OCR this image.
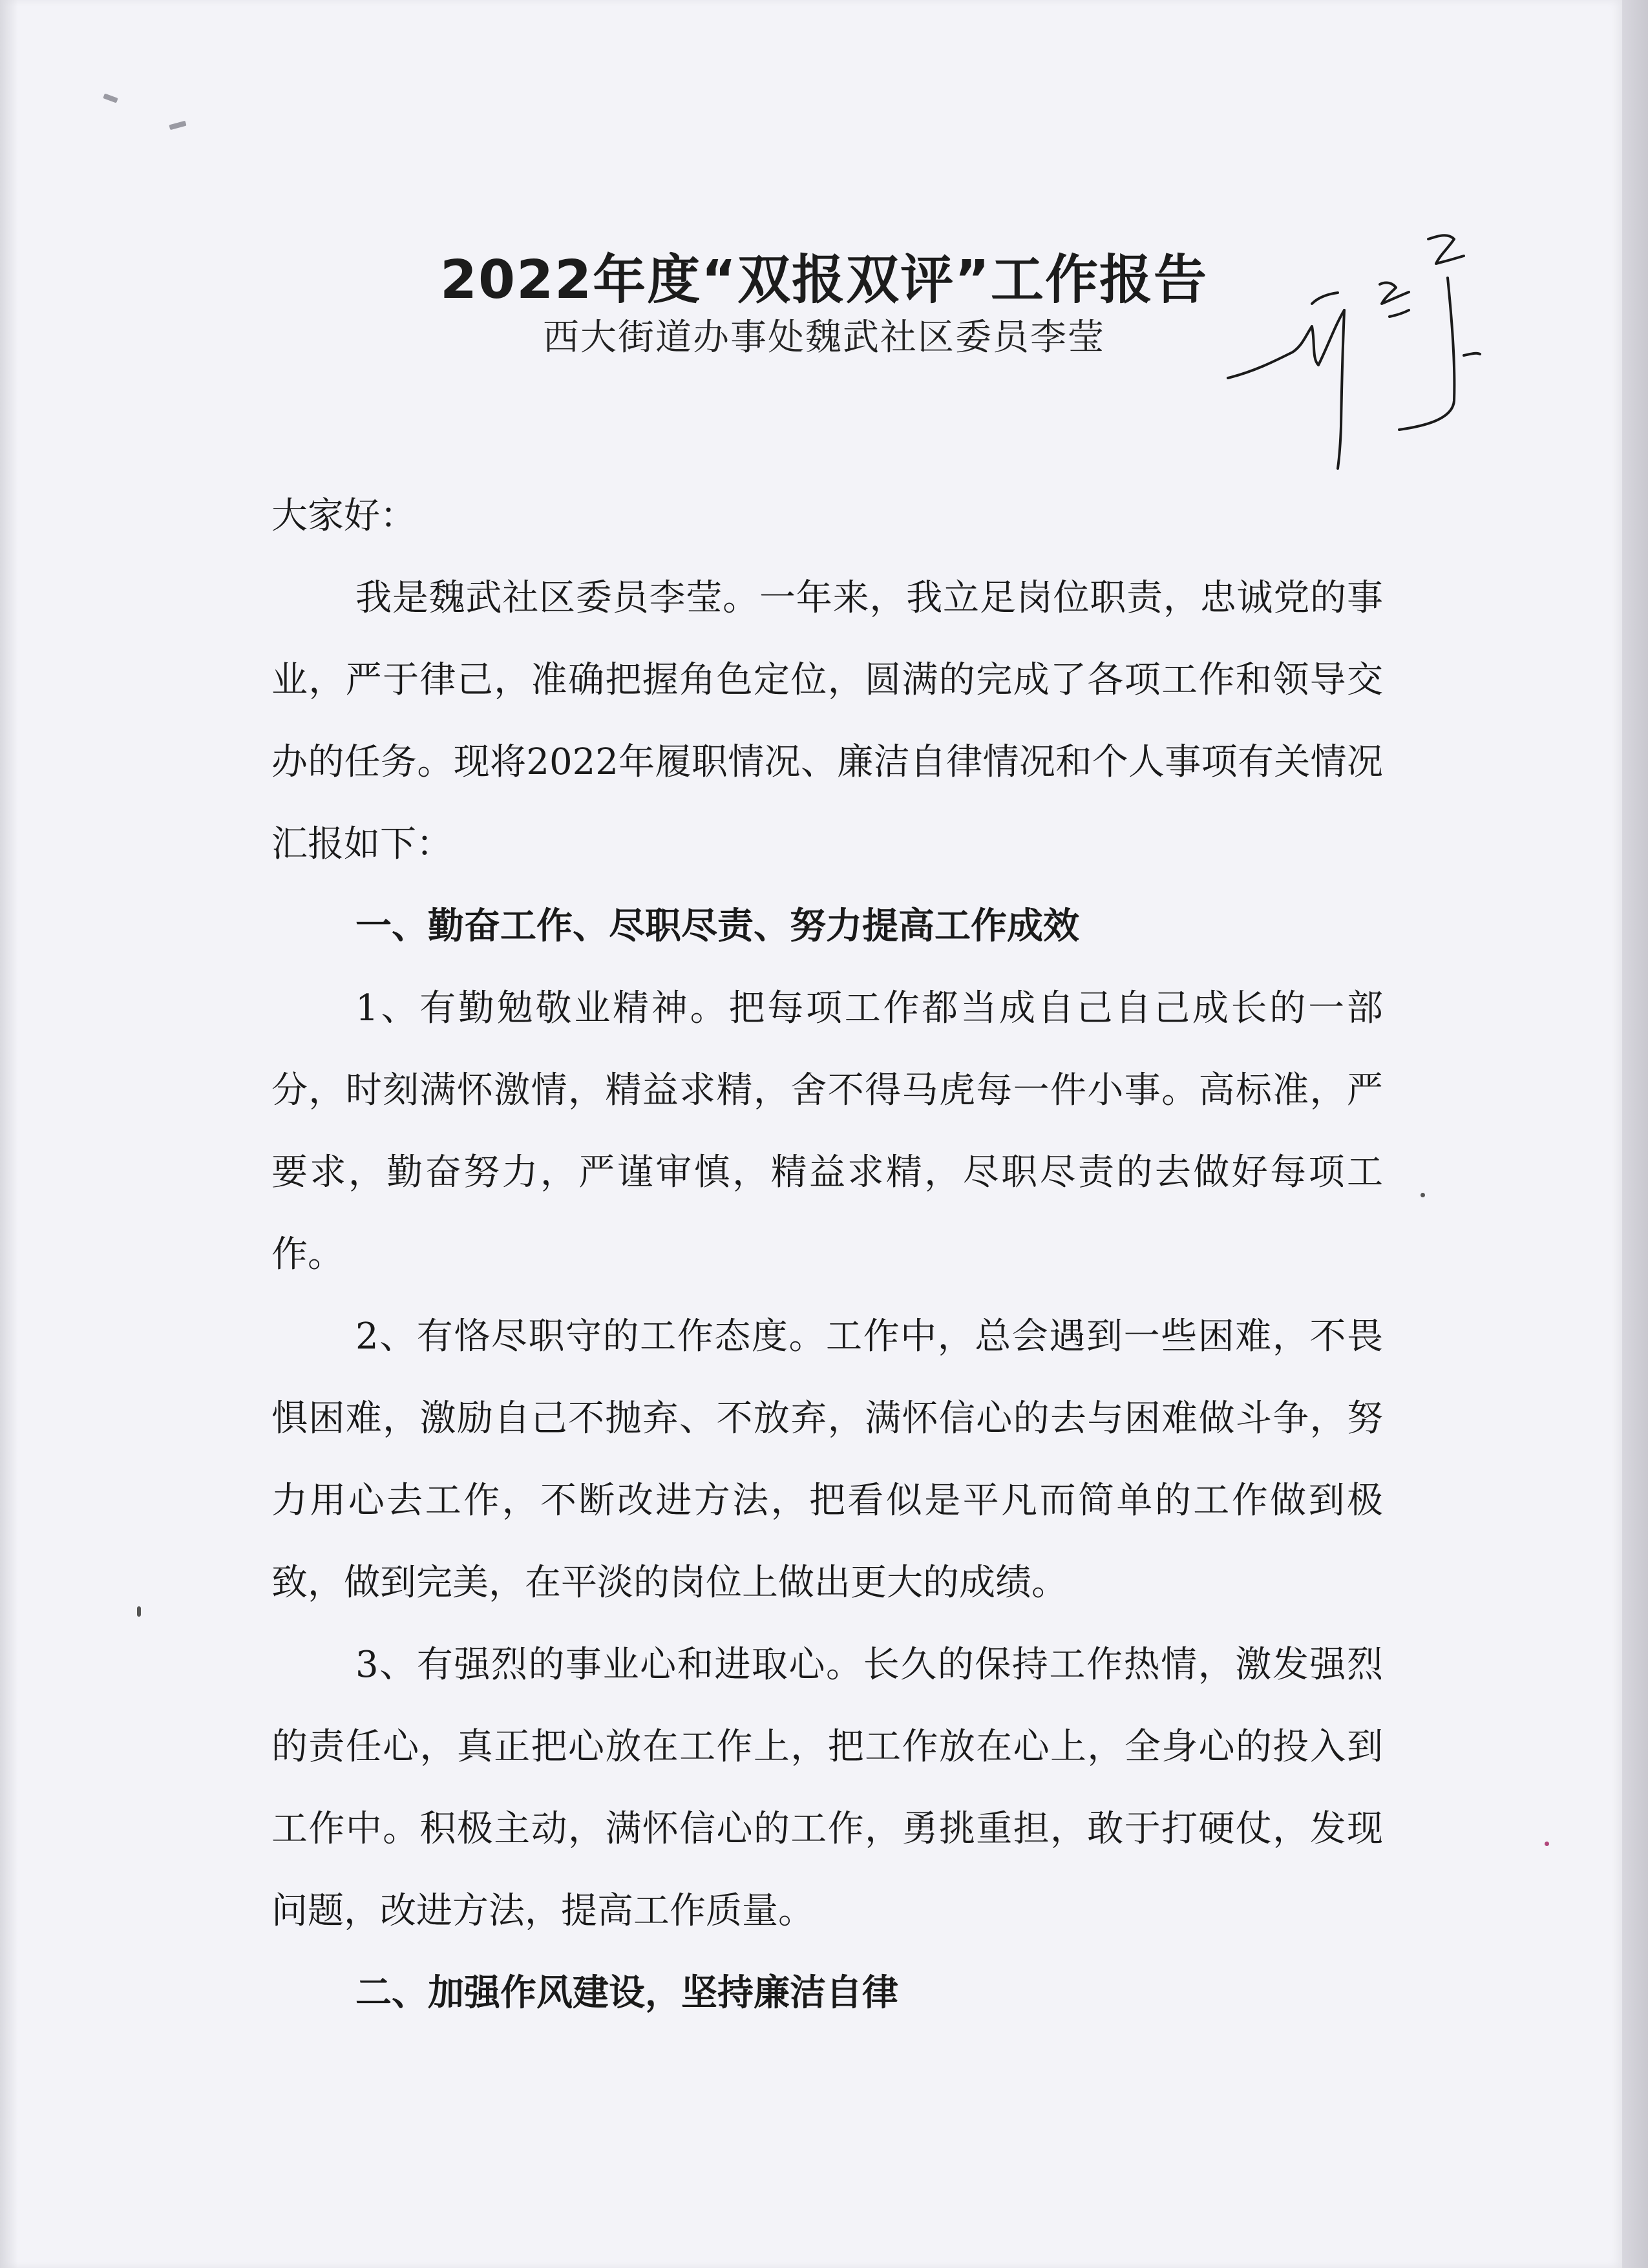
2022年度“双报双评”工作报告
西大街道办事处魏武社区委员李莹

大家好：

我是魏武社区委员李莹。一年来，我立足岗位职责，忠诚党的事业，严于律己，准确把握角色定位，圆满的完成了各项工作和领导交办的任务。现将2022年履职情况、廉洁自律情况和个人事项有关情况汇报如下：

一、勤奋工作、尽职尽责、努力提高工作成效

1、有勤勉敬业精神。把每项工作都当成自己自己成长的一部分，时刻满怀激情，精益求精，舍不得马虎每一件小事。高标准，严要求，勤奋努力，严谨审慎，精益求精，尽职尽责的去做好每项工作。

2、有恪尽职守的工作态度。工作中，总会遇到一些困难，不畏惧困难，激励自己不抛弃、不放弃，满怀信心的去与困难做斗争，努力用心去工作，不断改进方法，把看似是平凡而简单的工作做到极致，做到完美，在平淡的岗位上做出更大的成绩。

3、有强烈的事业心和进取心。长久的保持工作热情，激发强烈的责任心，真正把心放在工作上，把工作放在心上，全身心的投入到工作中。积极主动，满怀信心的工作，勇挑重担，敢于打硬仗，发现问题，改进方法，提高工作质量。

二、加强作风建设，坚持廉洁自律
